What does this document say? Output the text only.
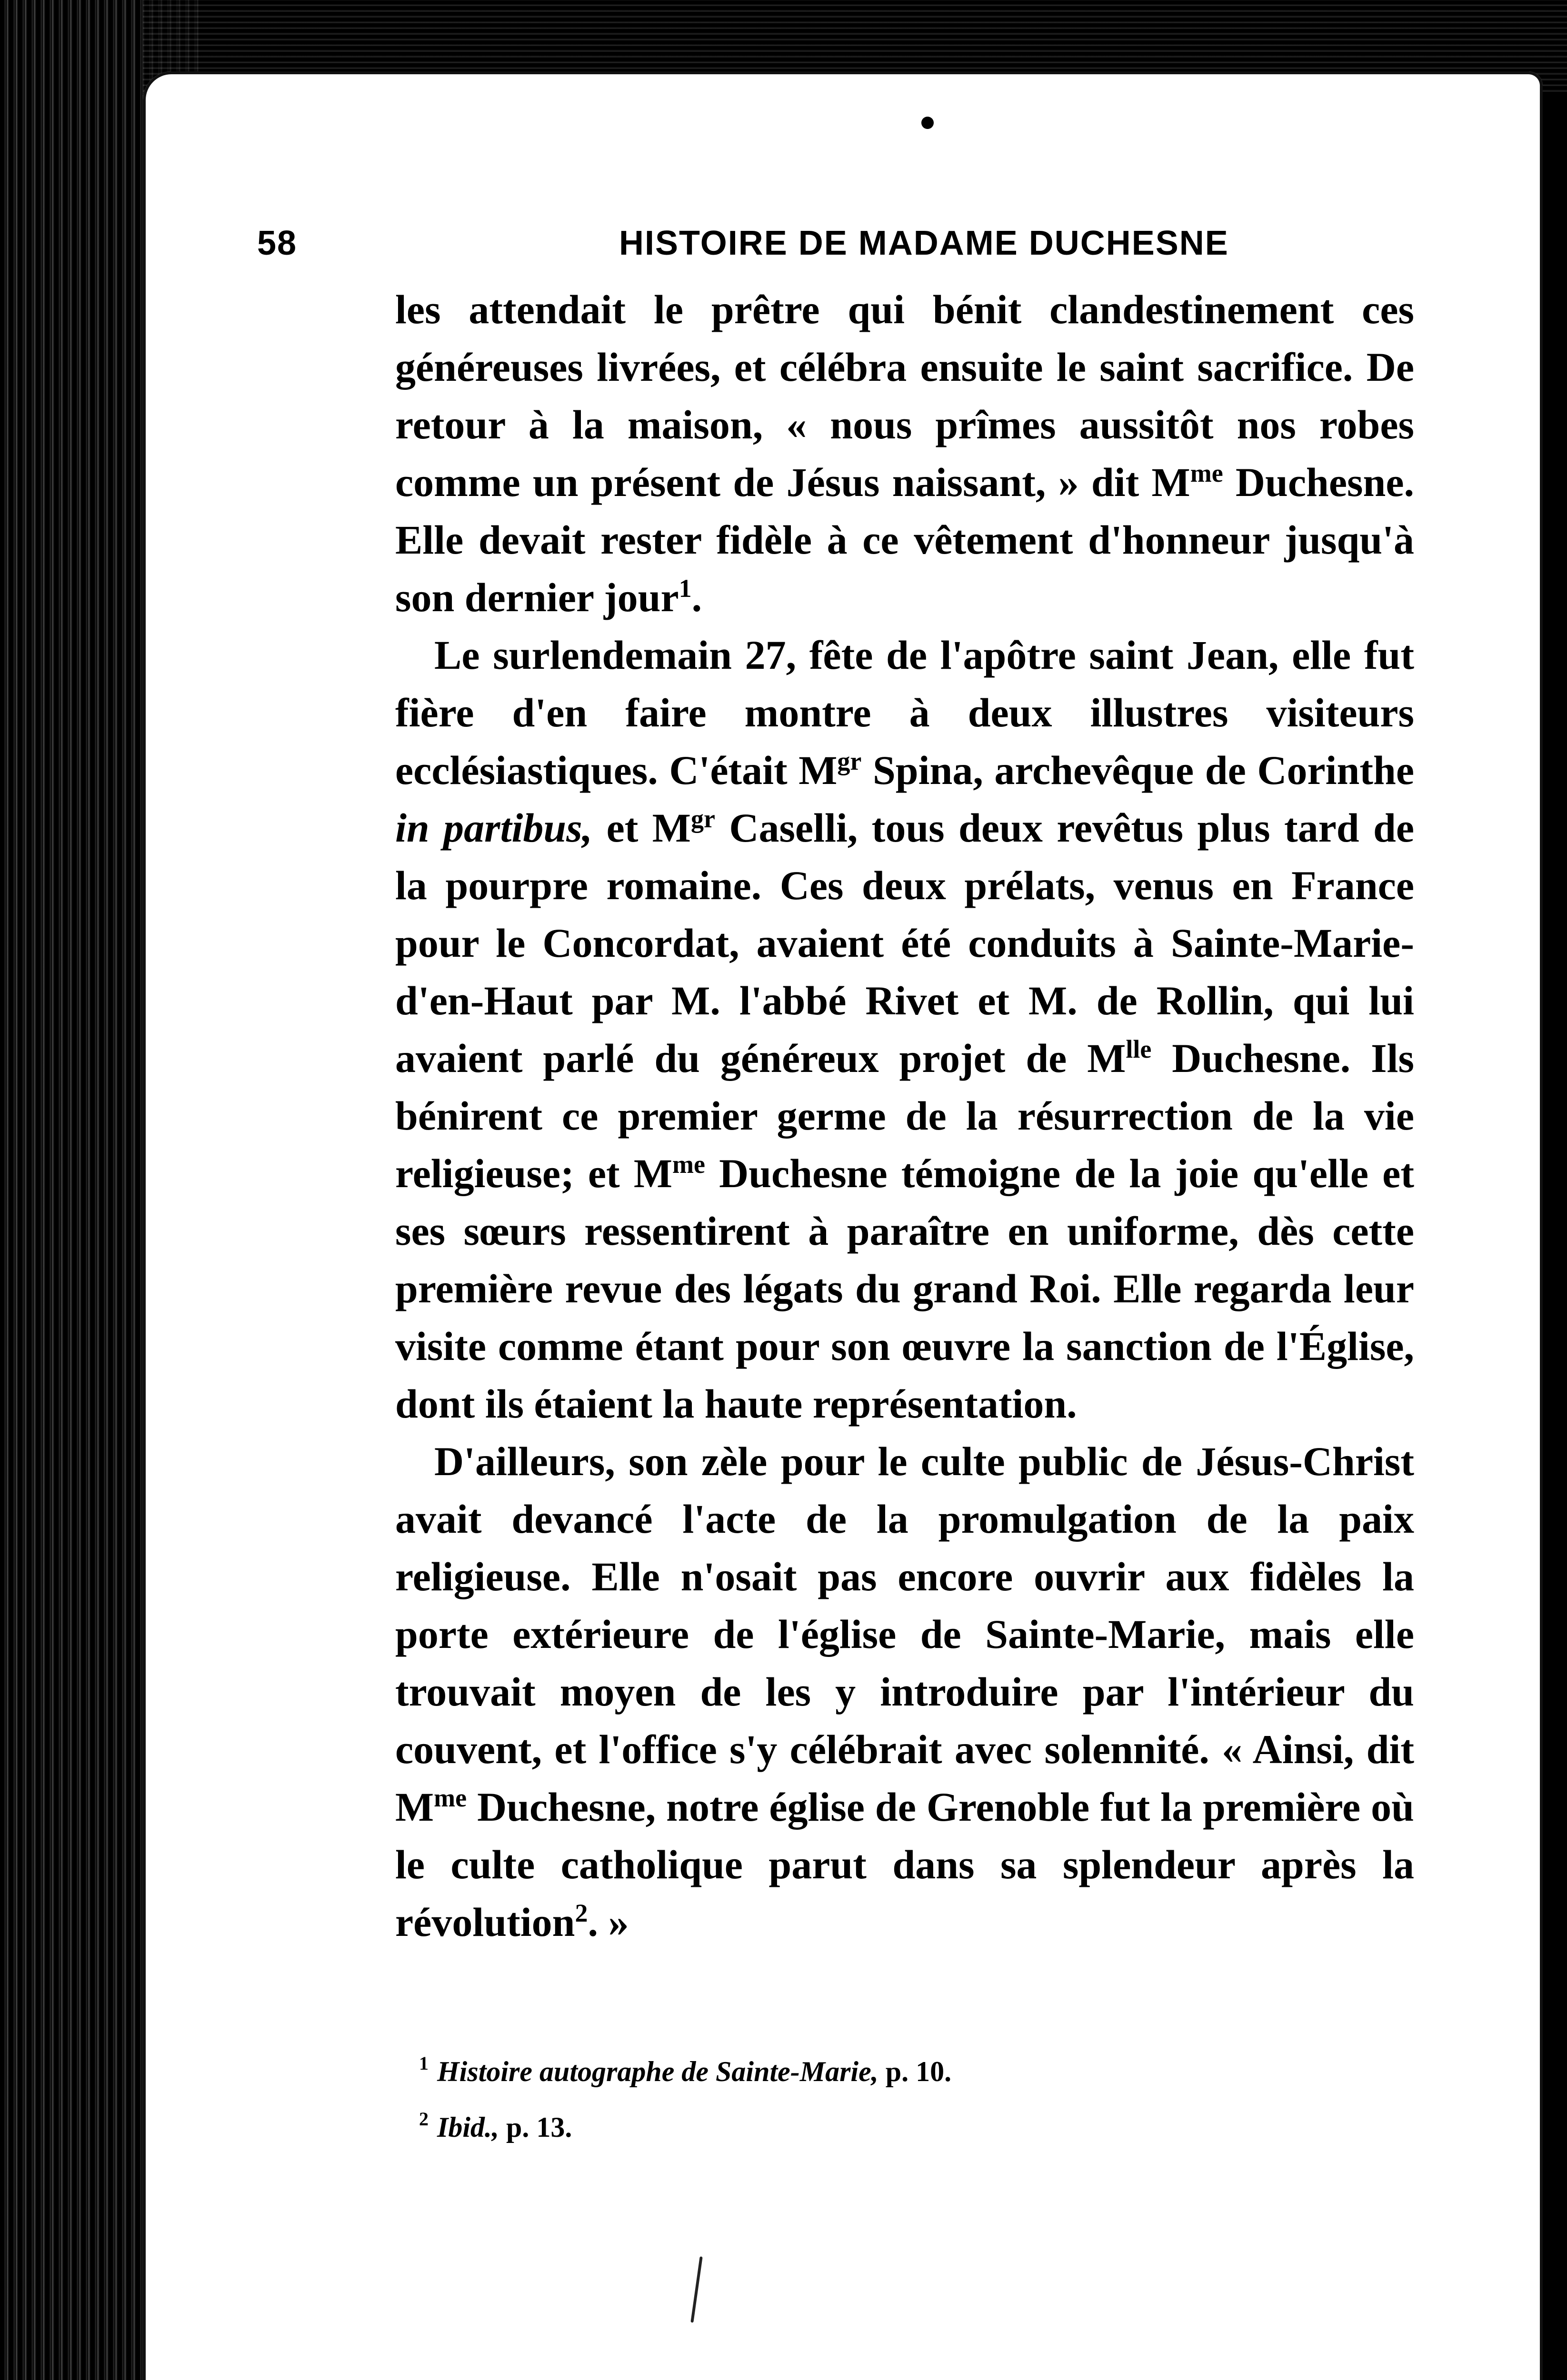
58	HISTOIRE DE MADAME DUCHESNE

les attendait le prêtre qui bénit clandestinement ces généreuses livrées, et célébra ensuite le saint sacrifice. De retour à la maison, « nous prîmes aussitôt nos robes comme un présent de Jésus naissant, » dit $M^{me}$ Duchesne. Elle devait rester fidèle à ce vêtement d'honneur jusqu'à son dernier jour$^1$.

Le surlendemain 27, fête de l'apôtre saint Jean, elle fut fière d'en faire montre à deux illustres visiteurs ecclésiastiques. C'était $M^{gr}$ Spina, archevêque de Corinthe in partibus, et $M^{gr}$ Caselli, tous deux revêtus plus tard de la pourpre romaine. Ces deux prélats, venus en France pour le Concordat, avaient été conduits à Sainte-Marie-d'en-Haut par M. l'abbé Rivet et M. de Rollin, qui lui avaient parlé du généreux projet de $M^{lle}$ Duchesne. Ils bénirent ce premier germe de la résurrection de la vie religieuse; et $M^{me}$ Duchesne témoigne de la joie qu'elle et ses sœurs ressentirent à paraître en uniforme, dès cette première revue des légats du grand Roi. Elle regarda leur visite comme étant pour son œuvre la sanction de l'Église, dont ils étaient la haute représentation.

D'ailleurs, son zèle pour le culte public de Jésus-Christ avait devancé l'acte de la promulgation de la paix religieuse. Elle n'osait pas encore ouvrir aux fidèles la porte extérieure de l'église de Sainte-Marie, mais elle trouvait moyen de les y introduire par l'intérieur du couvent, et l'office s'y célébrait avec solennité. « Ainsi, dit $M^{me}$ Duchesne, notre église de Grenoble fut la première où le culte catholique parut dans sa splendeur après la révolution$^2$. »

$^1$ Histoire autographe de Sainte-Marie, p. 10.

$^2$ Ibid., p. 13.
